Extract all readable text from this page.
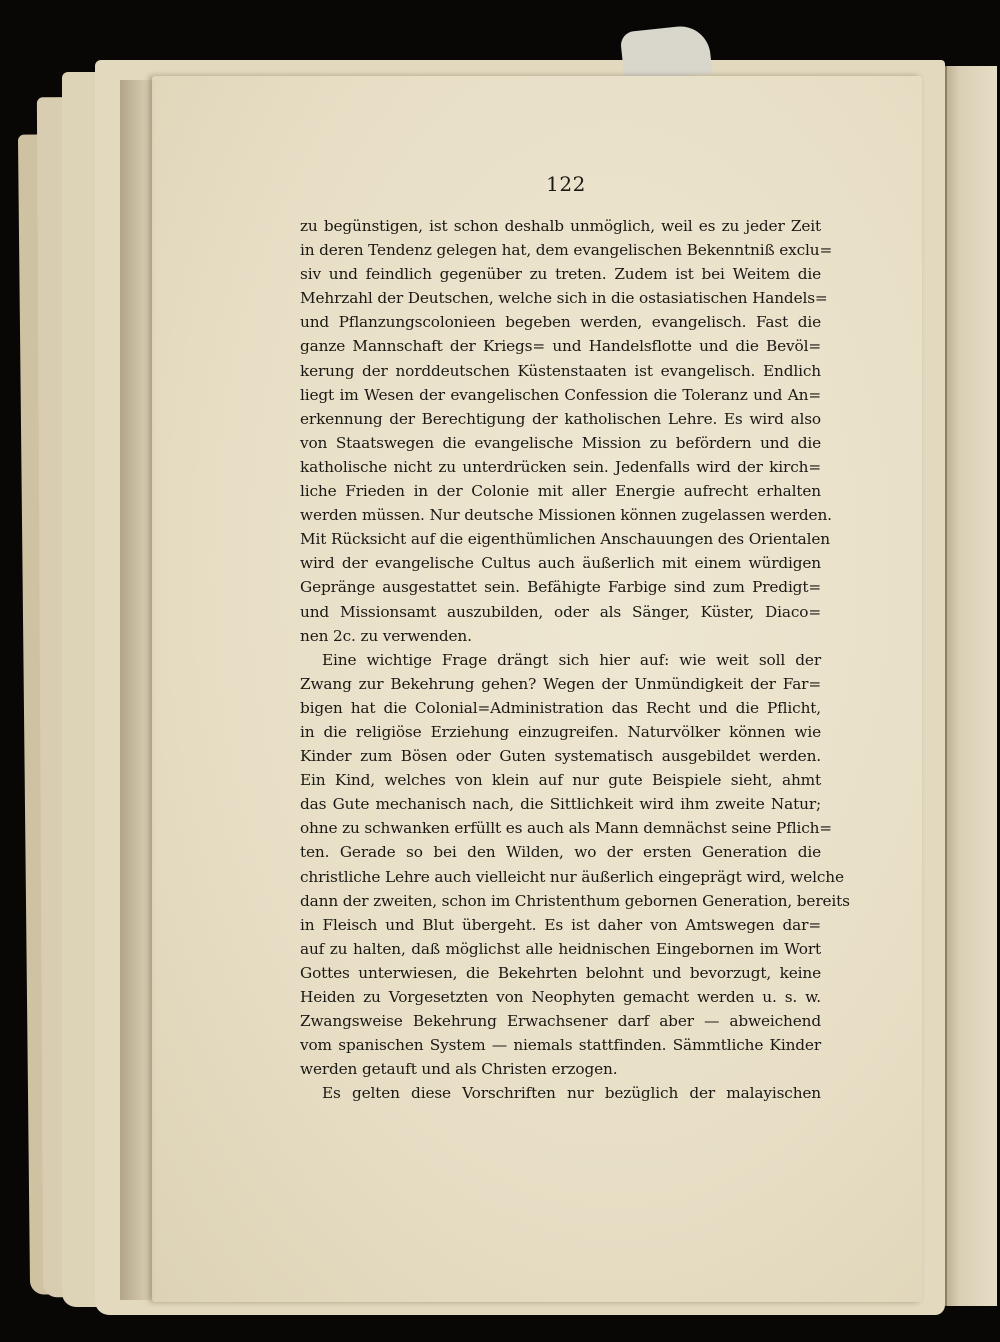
122
zu begünstigen, ist schon deshalb unmöglich, weil es zu jeder Zeit
in deren Tendenz gelegen hat, dem evangelischen Bekenntniß exclu=
siv und feindlich gegenüber zu treten. Zudem ist bei Weitem die
Mehrzahl der Deutschen, welche sich in die ostasiatischen Handels=
und Pflanzungscolonieen begeben werden, evangelisch. Fast die
ganze Mannschaft der Kriegs= und Handelsflotte und die Bevöl=
kerung der norddeutschen Küstenstaaten ist evangelisch. Endlich
liegt im Wesen der evangelischen Confession die Toleranz und An=
erkennung der Berechtigung der katholischen Lehre. Es wird also
von Staatswegen die evangelische Mission zu befördern und die
katholische nicht zu unterdrücken sein. Jedenfalls wird der kirch=
liche Frieden in der Colonie mit aller Energie aufrecht erhalten
werden müssen. Nur deutsche Missionen können zugelassen werden.
Mit Rücksicht auf die eigenthümlichen Anschauungen des Orientalen
wird der evangelische Cultus auch äußerlich mit einem würdigen
Gepränge ausgestattet sein. Befähigte Farbige sind zum Predigt=
und Missionsamt auszubilden, oder als Sänger, Küster, Diaco=
nen 2c. zu verwenden.
Eine wichtige Frage drängt sich hier auf: wie weit soll der
Zwang zur Bekehrung gehen? Wegen der Unmündigkeit der Far=
bigen hat die Colonial=Administration das Recht und die Pflicht,
in die religiöse Erziehung einzugreifen. Naturvölker können wie
Kinder zum Bösen oder Guten systematisch ausgebildet werden.
Ein Kind, welches von klein auf nur gute Beispiele sieht, ahmt
das Gute mechanisch nach, die Sittlichkeit wird ihm zweite Natur;
ohne zu schwanken erfüllt es auch als Mann demnächst seine Pflich=
ten. Gerade so bei den Wilden, wo der ersten Generation die
christliche Lehre auch vielleicht nur äußerlich eingeprägt wird, welche
dann der zweiten, schon im Christenthum gebornen Generation, bereits
in Fleisch und Blut übergeht. Es ist daher von Amtswegen dar=
auf zu halten, daß möglichst alle heidnischen Eingebornen im Wort
Gottes unterwiesen, die Bekehrten belohnt und bevorzugt, keine
Heiden zu Vorgesetzten von Neophyten gemacht werden u. s. w.
Zwangsweise Bekehrung Erwachsener darf aber — abweichend
vom spanischen System — niemals stattfinden. Sämmtliche Kinder
werden getauft und als Christen erzogen.
Es gelten diese Vorschriften nur bezüglich der malayischen
